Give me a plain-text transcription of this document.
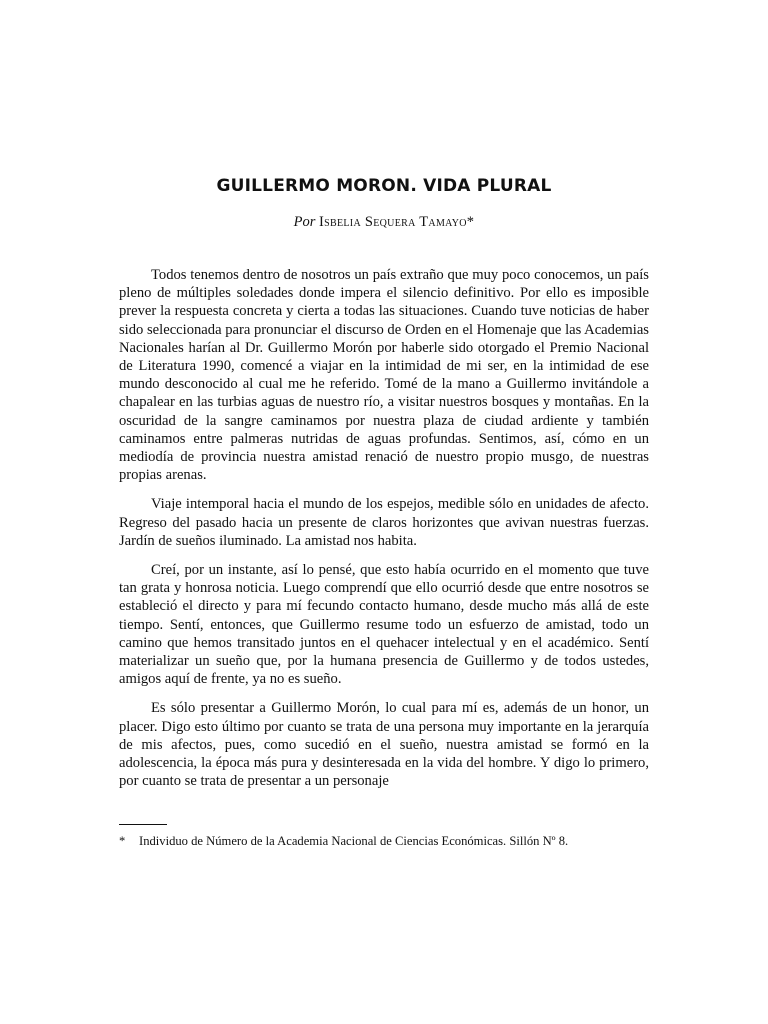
GUILLERMO MORON. VIDA PLURAL
Por Isbelia Sequera Tamayo*

Todos tenemos dentro de nosotros un país extraño que muy poco conocemos, un país pleno de múltiples soledades donde impera el silencio definitivo. Por ello es imposible prever la respuesta concreta y cierta a todas las situaciones. Cuando tuve noticias de haber sido seleccionada para pronunciar el discurso de Orden en el Homenaje que las Academias Nacionales harían al Dr. Guillermo Morón por haberle sido otorgado el Premio Nacional de Literatura 1990, comencé a viajar en la intimidad de mi ser, en la intimidad de ese mundo desconocido al cual me he referido. Tomé de la mano a Guillermo invitándole a chapalear en las turbias aguas de nuestro río, a visitar nuestros bosques y montañas. En la oscuridad de la sangre caminamos por nuestra plaza de ciudad ardiente y también caminamos entre palmeras nutridas de aguas profundas. Sentimos, así, cómo en un mediodía de provincia nuestra amistad renació de nuestro propio musgo, de nuestras propias arenas.

Viaje intemporal hacia el mundo de los espejos, medible sólo en unidades de afecto. Regreso del pasado hacia un presente de claros horizontes que avivan nuestras fuerzas. Jardín de sueños iluminado. La amistad nos habita.

Creí, por un instante, así lo pensé, que esto había ocurrido en el momento que tuve tan grata y honrosa noticia. Luego comprendí que ello ocurrió desde que entre nosotros se estableció el directo y para mí fecundo contacto humano, desde mucho más allá de este tiempo. Sentí, entonces, que Guillermo resume todo un esfuerzo de amistad, todo un camino que hemos transitado juntos en el quehacer intelectual y en el académico. Sentí materializar un sueño que, por la humana presencia de Guillermo y de todos ustedes, amigos aquí de frente, ya no es sueño.

Es sólo presentar a Guillermo Morón, lo cual para mí es, además de un honor, un placer. Digo esto último por cuanto se trata de una persona muy importante en la jerarquía de mis afectos, pues, como sucedió en el sueño, nuestra amistad se formó en la adolescencia, la época más pura y desinteresada en la vida del hombre. Y digo lo primero, por cuanto se trata de presentar a un personaje

* Individuo de Número de la Academia Nacional de Ciencias Económicas. Sillón Nº 8.
